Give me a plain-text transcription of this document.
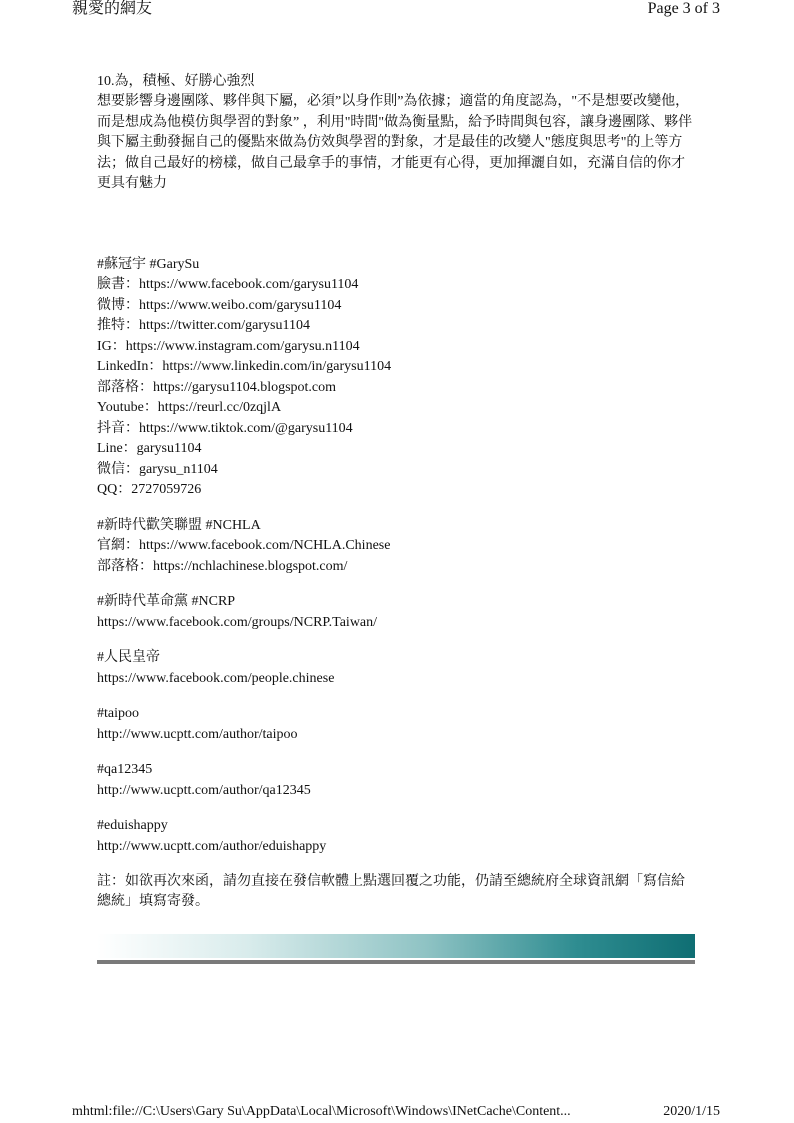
親愛的網友	Page 3 of 3

10.為，積極、好勝心強烈

想要影響身邊團隊、夥伴與下屬，必須”以身作則”為依據；適當的角度認為，"不是想要改變他，而是想成為他模仿與學習的對象” ，利用"時間"做為衡量點，給予時間與包容，讓身邊團隊、夥伴與下屬主動發掘自己的優點來做為仿效與學習的對象，才是最佳的改變人"態度與思考"的上等方法；做自己最好的榜樣，做自己最拿手的事情，才能更有心得，更加揮灑自如，充滿自信的你才更具有魅力

#蘇冠宇 #GarySu
臉書：https://www.facebook.com/garysu1104
微博：https://www.weibo.com/garysu1104
推特：https://twitter.com/garysu1104
IG：https://www.instagram.com/garysu.n1104
LinkedIn：https://www.linkedin.com/in/garysu1104
部落格：https://garysu1104.blogspot.com
Youtube：https://reurl.cc/0zqjlA
抖音：https://www.tiktok.com/@garysu1104
Line：garysu1104
微信：garysu_n1104
QQ：2727059726
#新時代歡笑聯盟 #NCHLA
官網：https://www.facebook.com/NCHLA.Chinese
部落格：https://nchlachinese.blogspot.com/
#新時代革命黨 #NCRP
https://www.facebook.com/groups/NCRP.Taiwan/
#人民皇帝
https://www.facebook.com/people.chinese
#taipoo
http://www.ucptt.com/author/taipoo
#qa12345
http://www.ucptt.com/author/qa12345
#eduishappy
http://www.ucptt.com/author/eduishappy
註：如欲再次來函，請勿直接在發信軟體上點選回覆之功能，仍請至總統府全球資訊網「寫信給總統」填寫寄發。
mhtml:file://C:\Users\Gary Su\AppData\Local\Microsoft\Windows\INetCache\Content...	2020/1/15
